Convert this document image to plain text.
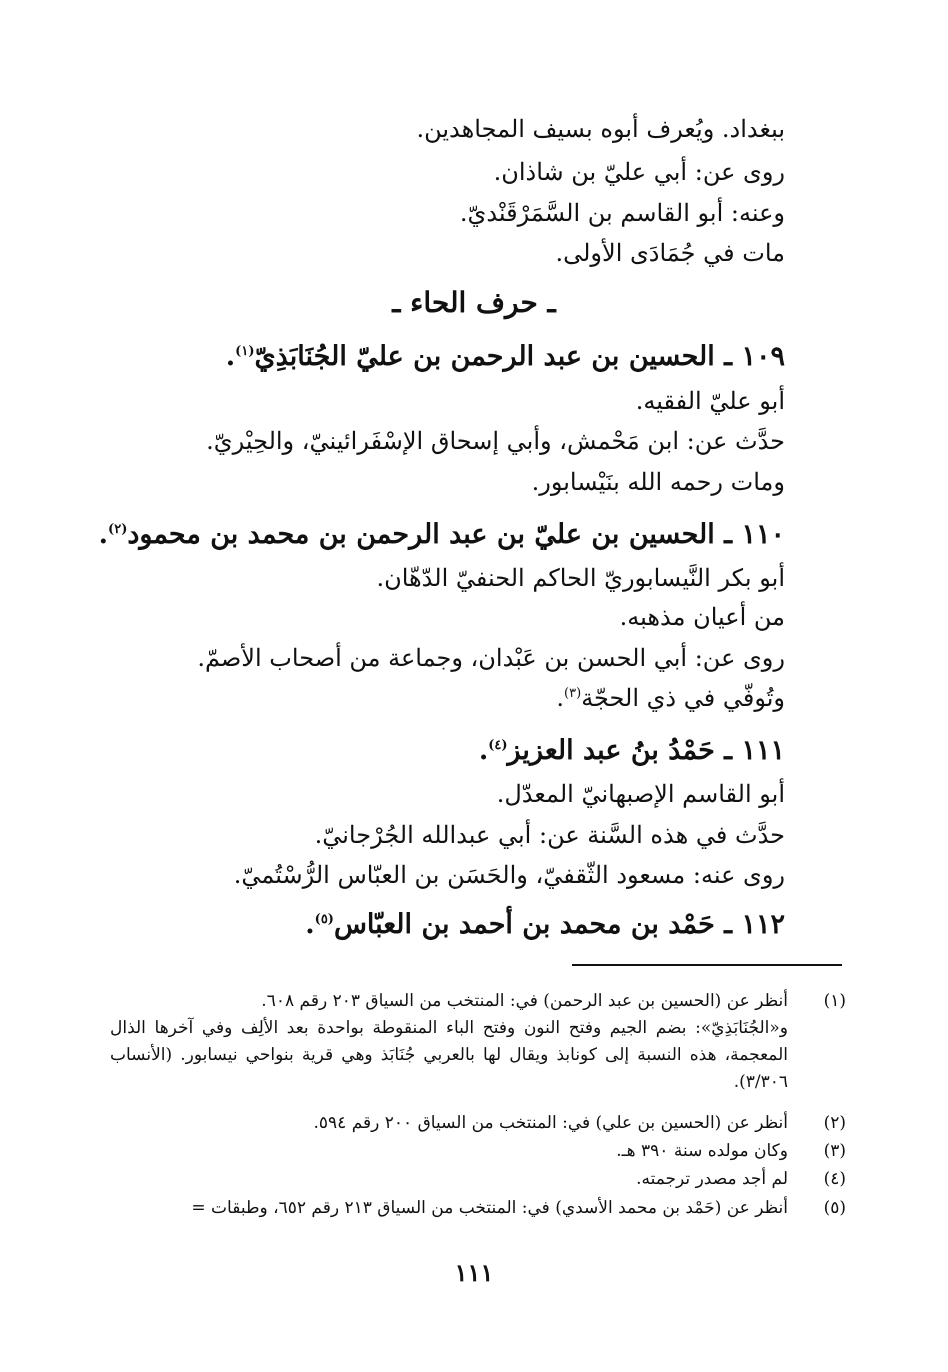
ببغداد. ويُعرف أبوه بسيف المجاهدين.
روى عن: أبي عليّ بن شاذان.
وعنه: أبو القاسم بن السَّمَرْقَنْديّ.
مات في جُمَادَى الأولى.
ـ حرف الحاء ـ
١٠٩ ـ الحسين بن عبد الرحمن بن عليّ الجُنَابَذِيّ$^{(١)}$.
أبو عليّ الفقيه.
حدَّث عن: ابن مَحْمش، وأبي إسحاق الإسْفَرائينيّ، والحِيْريّ.
ومات رحمه الله بنَيْسابور.
١١٠ ـ الحسين بن عليّ بن عبد الرحمن بن محمد بن محمود$^{(٢)}$.
أبو بكر النَّيسابوريّ الحاكم الحنفيّ الدّهّان.
من أعيان مذهبه.
روى عن: أبي الحسن بن عَبْدان، وجماعة من أصحاب الأصمّ.
وتُوفّي في ذي الحجّة$^{(٣)}$.
١١١ ـ حَمْدُ بنُ عبد العزيز$^{(٤)}$.
أبو القاسم الإصبهانيّ المعدّل.
حدَّث في هذه السَّنة عن: أبي عبدالله الجُرْجانيّ.
روى عنه: مسعود الثّقفيّ، والحَسَن بن العبّاس الرُّسْتُميّ.
١١٢ ـ حَمْد بن محمد بن أحمد بن العبّاس$^{(٥)}$.
(١)
أنظر عن (الحسين بن عبد الرحمن) في: المنتخب من السياق ٢٠٣ رقم ٦٠٨.
و«الجُنَابَذِيّ»: بضم الجيم وفتح النون وفتح الباء المنقوطة بواحدة بعد الألِف وفي آخرها الذال المعجمة، هذه النسبة إلى كونابذ ويقال لها بالعربي جُنَابَذ وهي قرية بنواحي نيسابور. (الأنساب ٣/٣٠٦).
(٢)
أنظر عن (الحسين بن علي) في: المنتخب من السياق ٢٠٠ رقم ٥٩٤.
(٣)
وكان مولده سنة ٣٩٠ هـ.
(٤)
لم أجد مصدر ترجمته.
(٥)
أنظر عن (حَمْد بن محمد الأسدي) في: المنتخب من السياق ٢١٣ رقم ٦٥٢، وطبقات =
١١١
